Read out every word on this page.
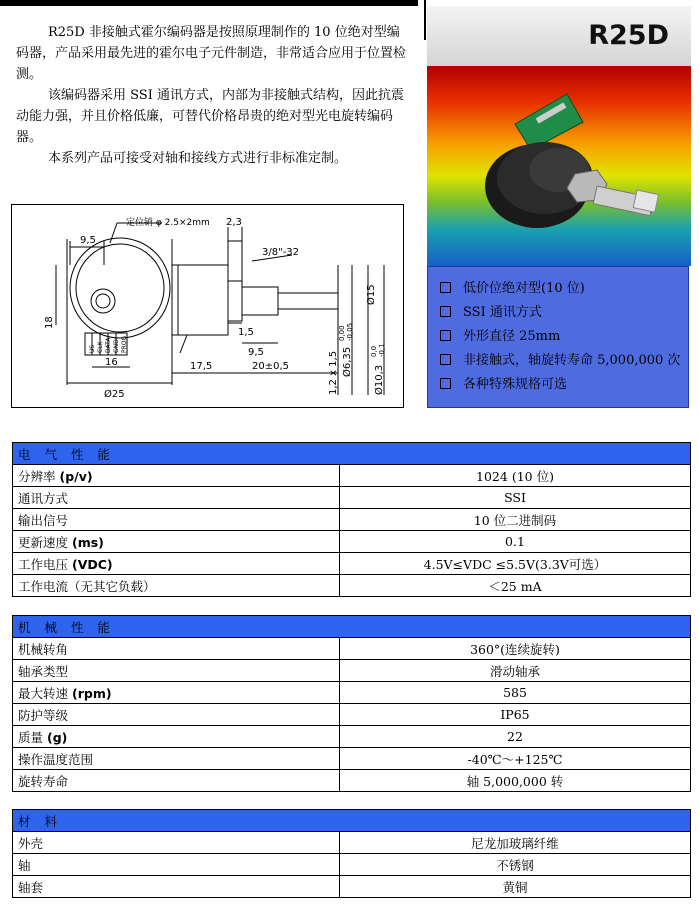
R25D 非接触式霍尔编码器是按照原理制作的 10 位绝对型编码器，产品采用最先进的霍尔电子元件制造，非常适合应用于位置检测。

该编码器采用 SSI 通讯方式，内部为非接触式结构，因此抗震动能力强，并且价格低廉，可替代价格昂贵的绝对型光电旋转编码器。

本系列产品可接受对轴和接线方式进行非标准定制。

R25D
低价位绝对型(10 位)
SSI 通讯方式
外形直径 25mm
非接触式，轴旋转寿命 5,000,000 次
各种特殊规格可选
定位销 φ 2.5×2mm
9,5
2,3
3/8"-32
18
16
Ø25
1,5
9,5
17,5	20±0,5
Ø15
1,2 x 1,5 Ø6,35
0,00 -0,05
Ø10,3
0,0 -0,1
US CLK DATA GND PROG
电 气 性 能	
分辨率 (p/v)	1024 (10 位)
通讯方式	SSI
输出信号	10 位二进制码
更新速度 (ms)	0.1
工作电压 (VDC)	4.5V≤VDC ≤5.5V(3.3V可选）
工作电流（无其它负载）	＜25 mA
机 械 性 能	
机械转角	360°(连续旋转)
轴承类型	滑动轴承
最大转速 (rpm)	585
防护等级	IP65
质量 (g)	22
操作温度范围	-40℃～+125℃
旋转寿命	轴 5,000,000 转
材 料	
外壳	尼龙加玻璃纤维
轴	不锈钢
轴套	黄铜
